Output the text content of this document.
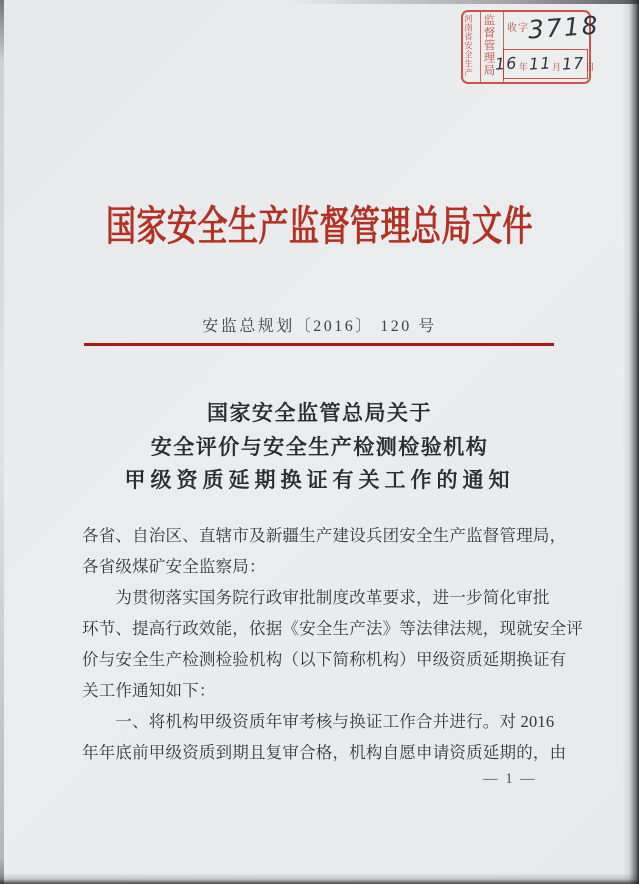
河南省安全生产 监督管理局	收字
3718
16 年 11 月 17 日
国家安全生产监督管理总局文件
安监总规划〔2016〕 120 号
国家安全监管总局关于
安全评价与安全生产检测检验机构
甲级资质延期换证有关工作的通知
各省、自治区、直辖市及新疆生产建设兵团安全生产监督管理局，
各省级煤矿安全监察局：
　　为贯彻落实国务院行政审批制度改革要求，进一步简化审批
环节、提高行政效能，依据《安全生产法》等法律法规，现就安全评
价与安全生产检测检验机构（以下简称机构）甲级资质延期换证有
关工作通知如下：
　　一、将机构甲级资质年审考核与换证工作合并进行。对 2016
年年底前甲级资质到期且复审合格，机构自愿申请资质延期的，由
— 1 —
